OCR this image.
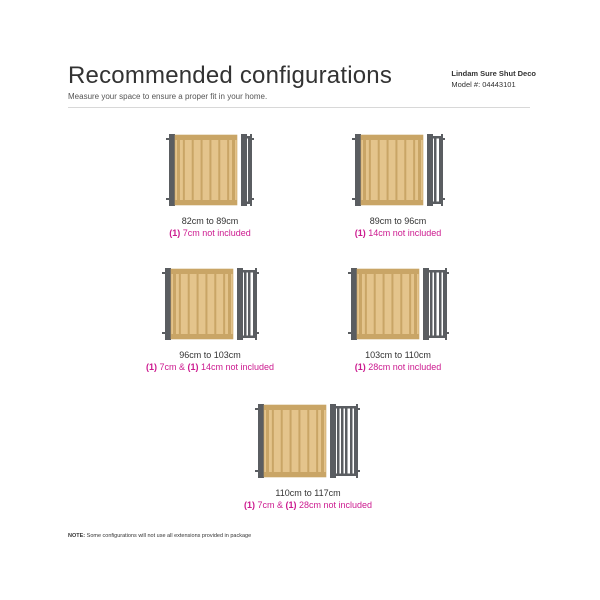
Recommended configurations
Measure your space to ensure a proper fit in your home.
Lindam Sure Shut Deco
Model #: 04443101
82cm to 89cm
(1) 7cm not included
89cm to 96cm
(1) 14cm not included
96cm to 103cm
(1) 7cm & (1) 14cm not included
103cm to 110cm
(1) 28cm not included
110cm to 117cm
(1) 7cm & (1) 28cm not included
NOTE: Some configurations will not use all extensions provided in package
